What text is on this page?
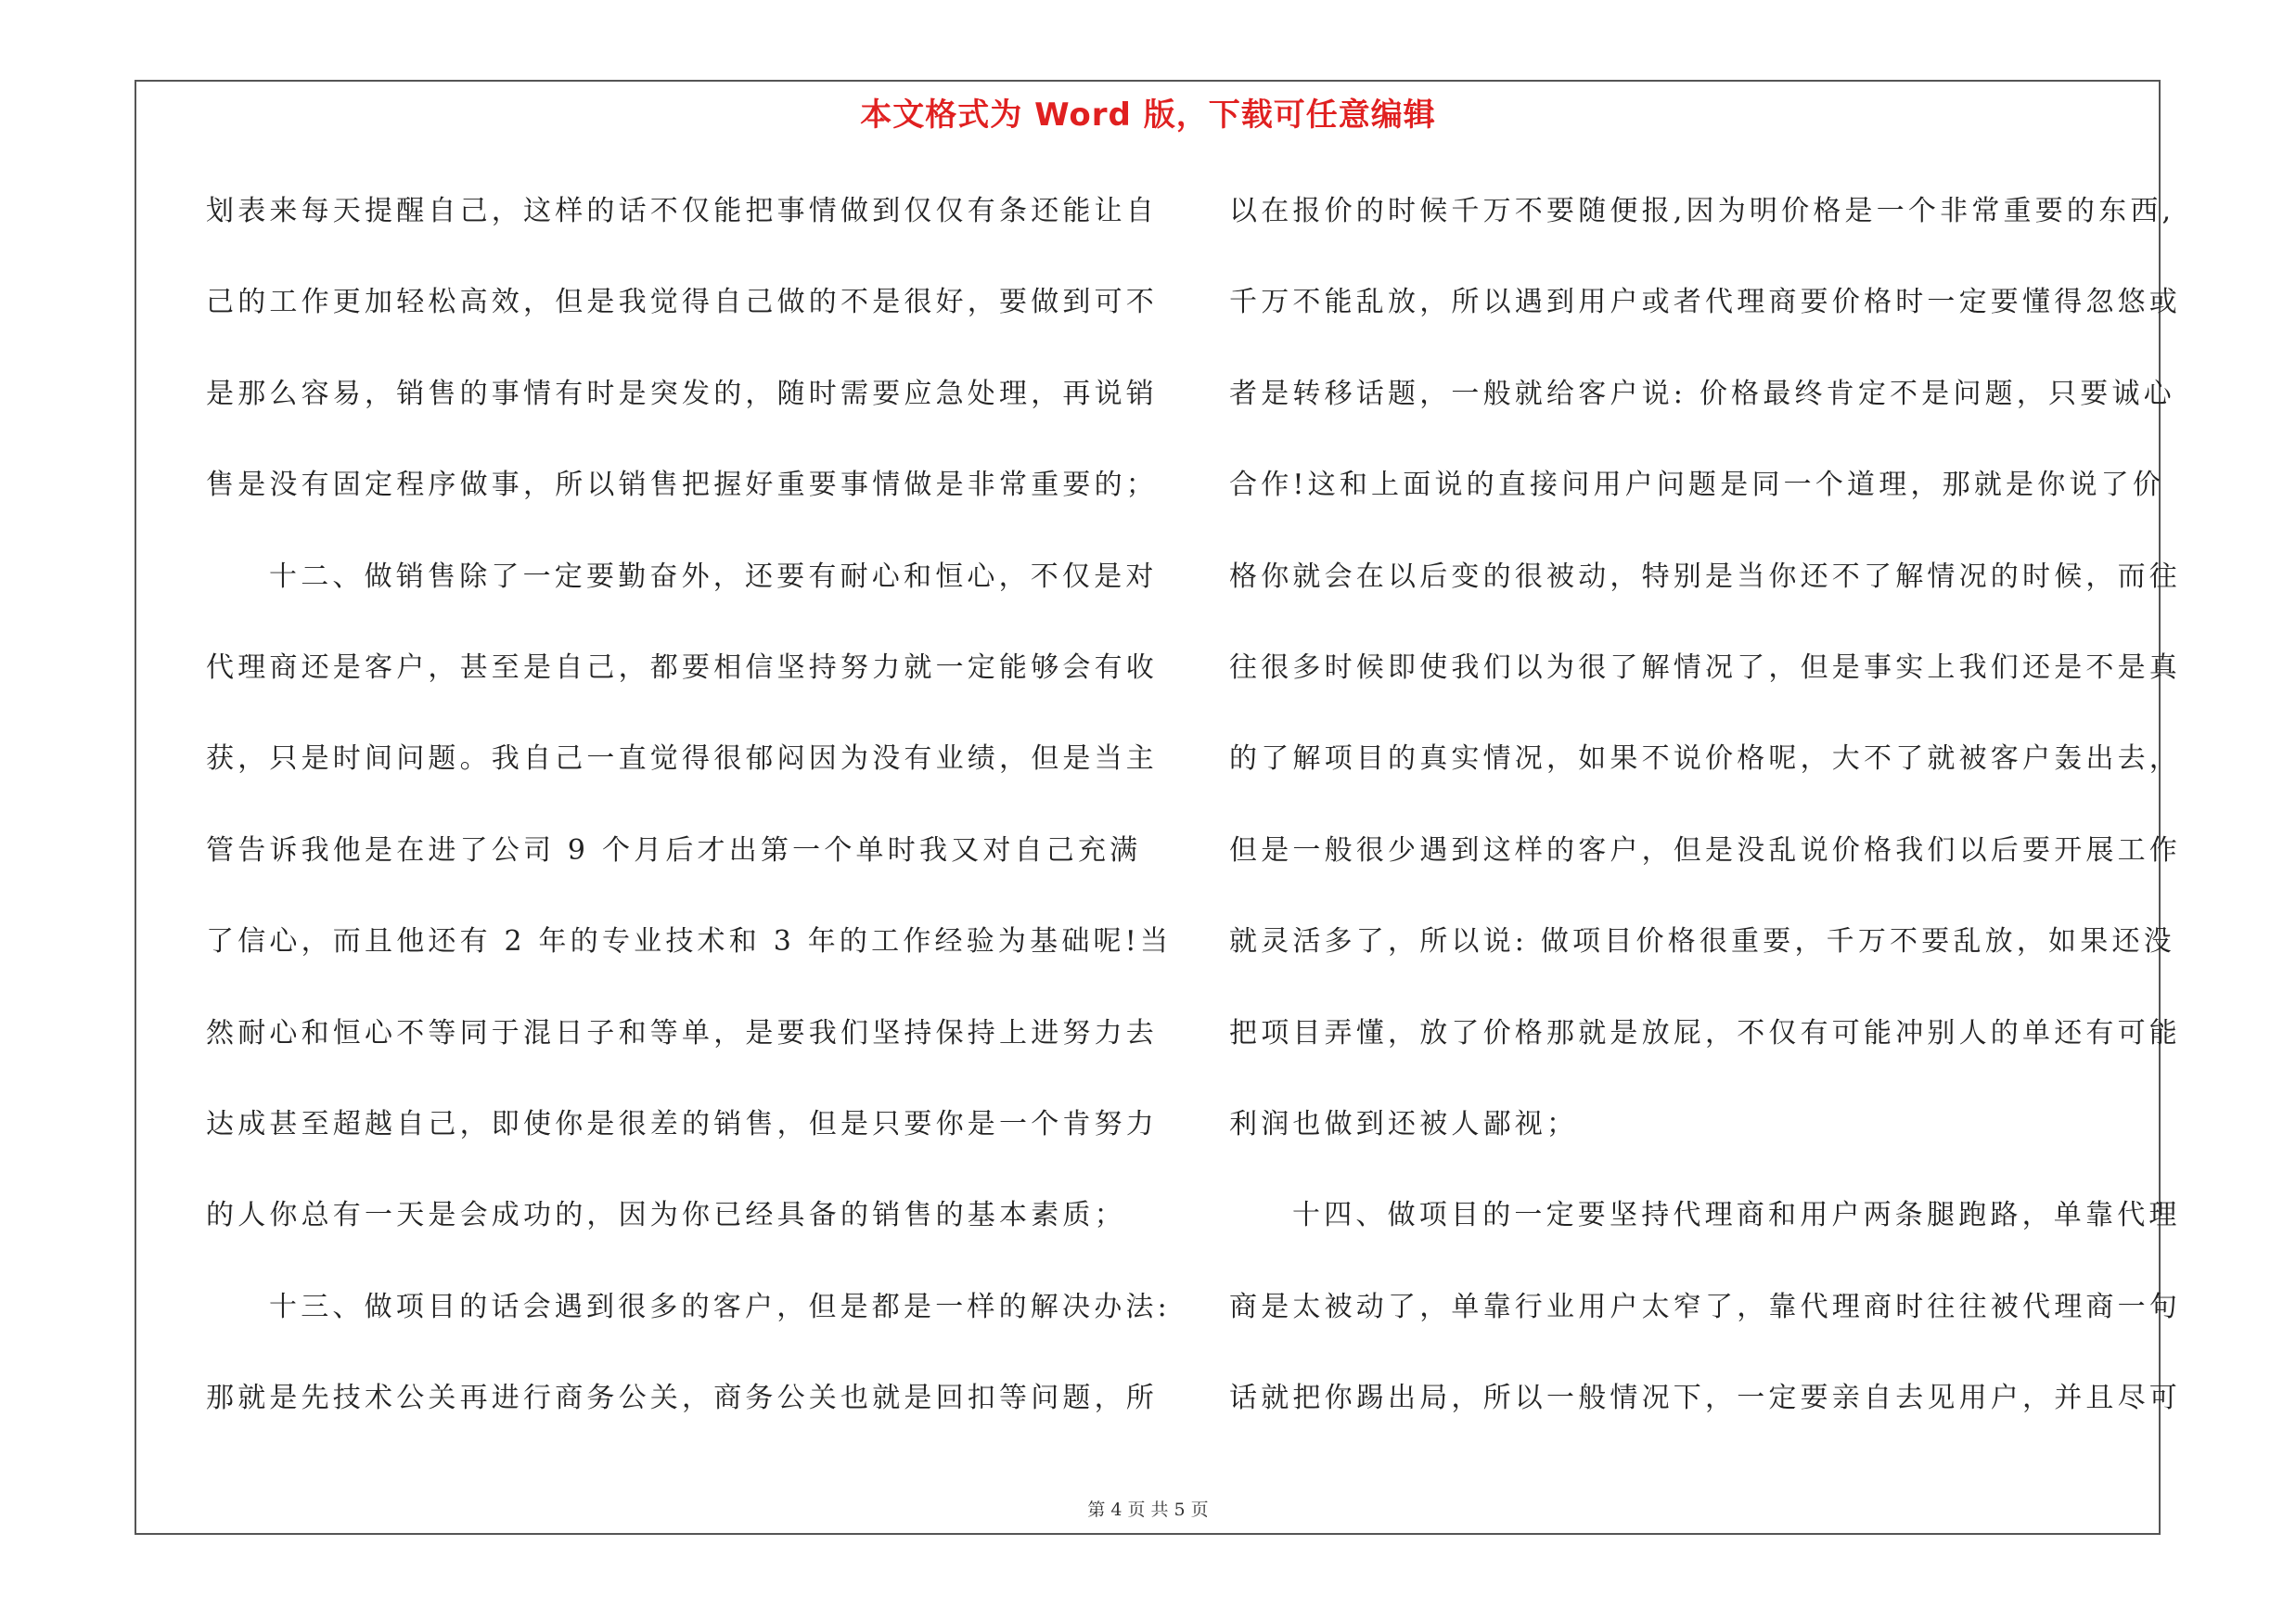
本文格式为 Word 版，下载可任意编辑
划表来每天提醒自己，这样的话不仅能把事情做到仅仅有条还能让自
己的工作更加轻松高效，但是我觉得自己做的不是很好，要做到可不
是那么容易，销售的事情有时是突发的，随时需要应急处理，再说销
售是没有固定程序做事，所以销售把握好重要事情做是非常重要的；
十二、做销售除了一定要勤奋外，还要有耐心和恒心，不仅是对
代理商还是客户，甚至是自己，都要相信坚持努力就一定能够会有收
获，只是时间问题。我自己一直觉得很郁闷因为没有业绩，但是当主
管告诉我他是在进了公司 9 个月后才出第一个单时我又对自己充满
了信心，而且他还有 2 年的专业技术和 3 年的工作经验为基础呢!当
然耐心和恒心不等同于混日子和等单，是要我们坚持保持上进努力去
达成甚至超越自己，即使你是很差的销售，但是只要你是一个肯努力
的人你总有一天是会成功的，因为你已经具备的销售的基本素质；
十三、做项目的话会遇到很多的客户，但是都是一样的解决办法:
那就是先技术公关再进行商务公关，商务公关也就是回扣等问题，所
以在报价的时候千万不要随便报,因为明价格是一个非常重要的东西,
千万不能乱放，所以遇到用户或者代理商要价格时一定要懂得忽悠或
者是转移话题，一般就给客户说: 价格最终肯定不是问题，只要诚心
合作!这和上面说的直接问用户问题是同一个道理，那就是你说了价
格你就会在以后变的很被动，特别是当你还不了解情况的时候，而往
往很多时候即使我们以为很了解情况了，但是事实上我们还是不是真
的了解项目的真实情况，如果不说价格呢，大不了就被客户轰出去，
但是一般很少遇到这样的客户，但是没乱说价格我们以后要开展工作
就灵活多了，所以说: 做项目价格很重要，千万不要乱放，如果还没
把项目弄懂，放了价格那就是放屁，不仅有可能冲别人的单还有可能
利润也做到还被人鄙视；
十四、做项目的一定要坚持代理商和用户两条腿跑路，单靠代理
商是太被动了，单靠行业用户太窄了，靠代理商时往往被代理商一句
话就把你踢出局，所以一般情况下，一定要亲自去见用户，并且尽可
第 4 页 共 5 页
